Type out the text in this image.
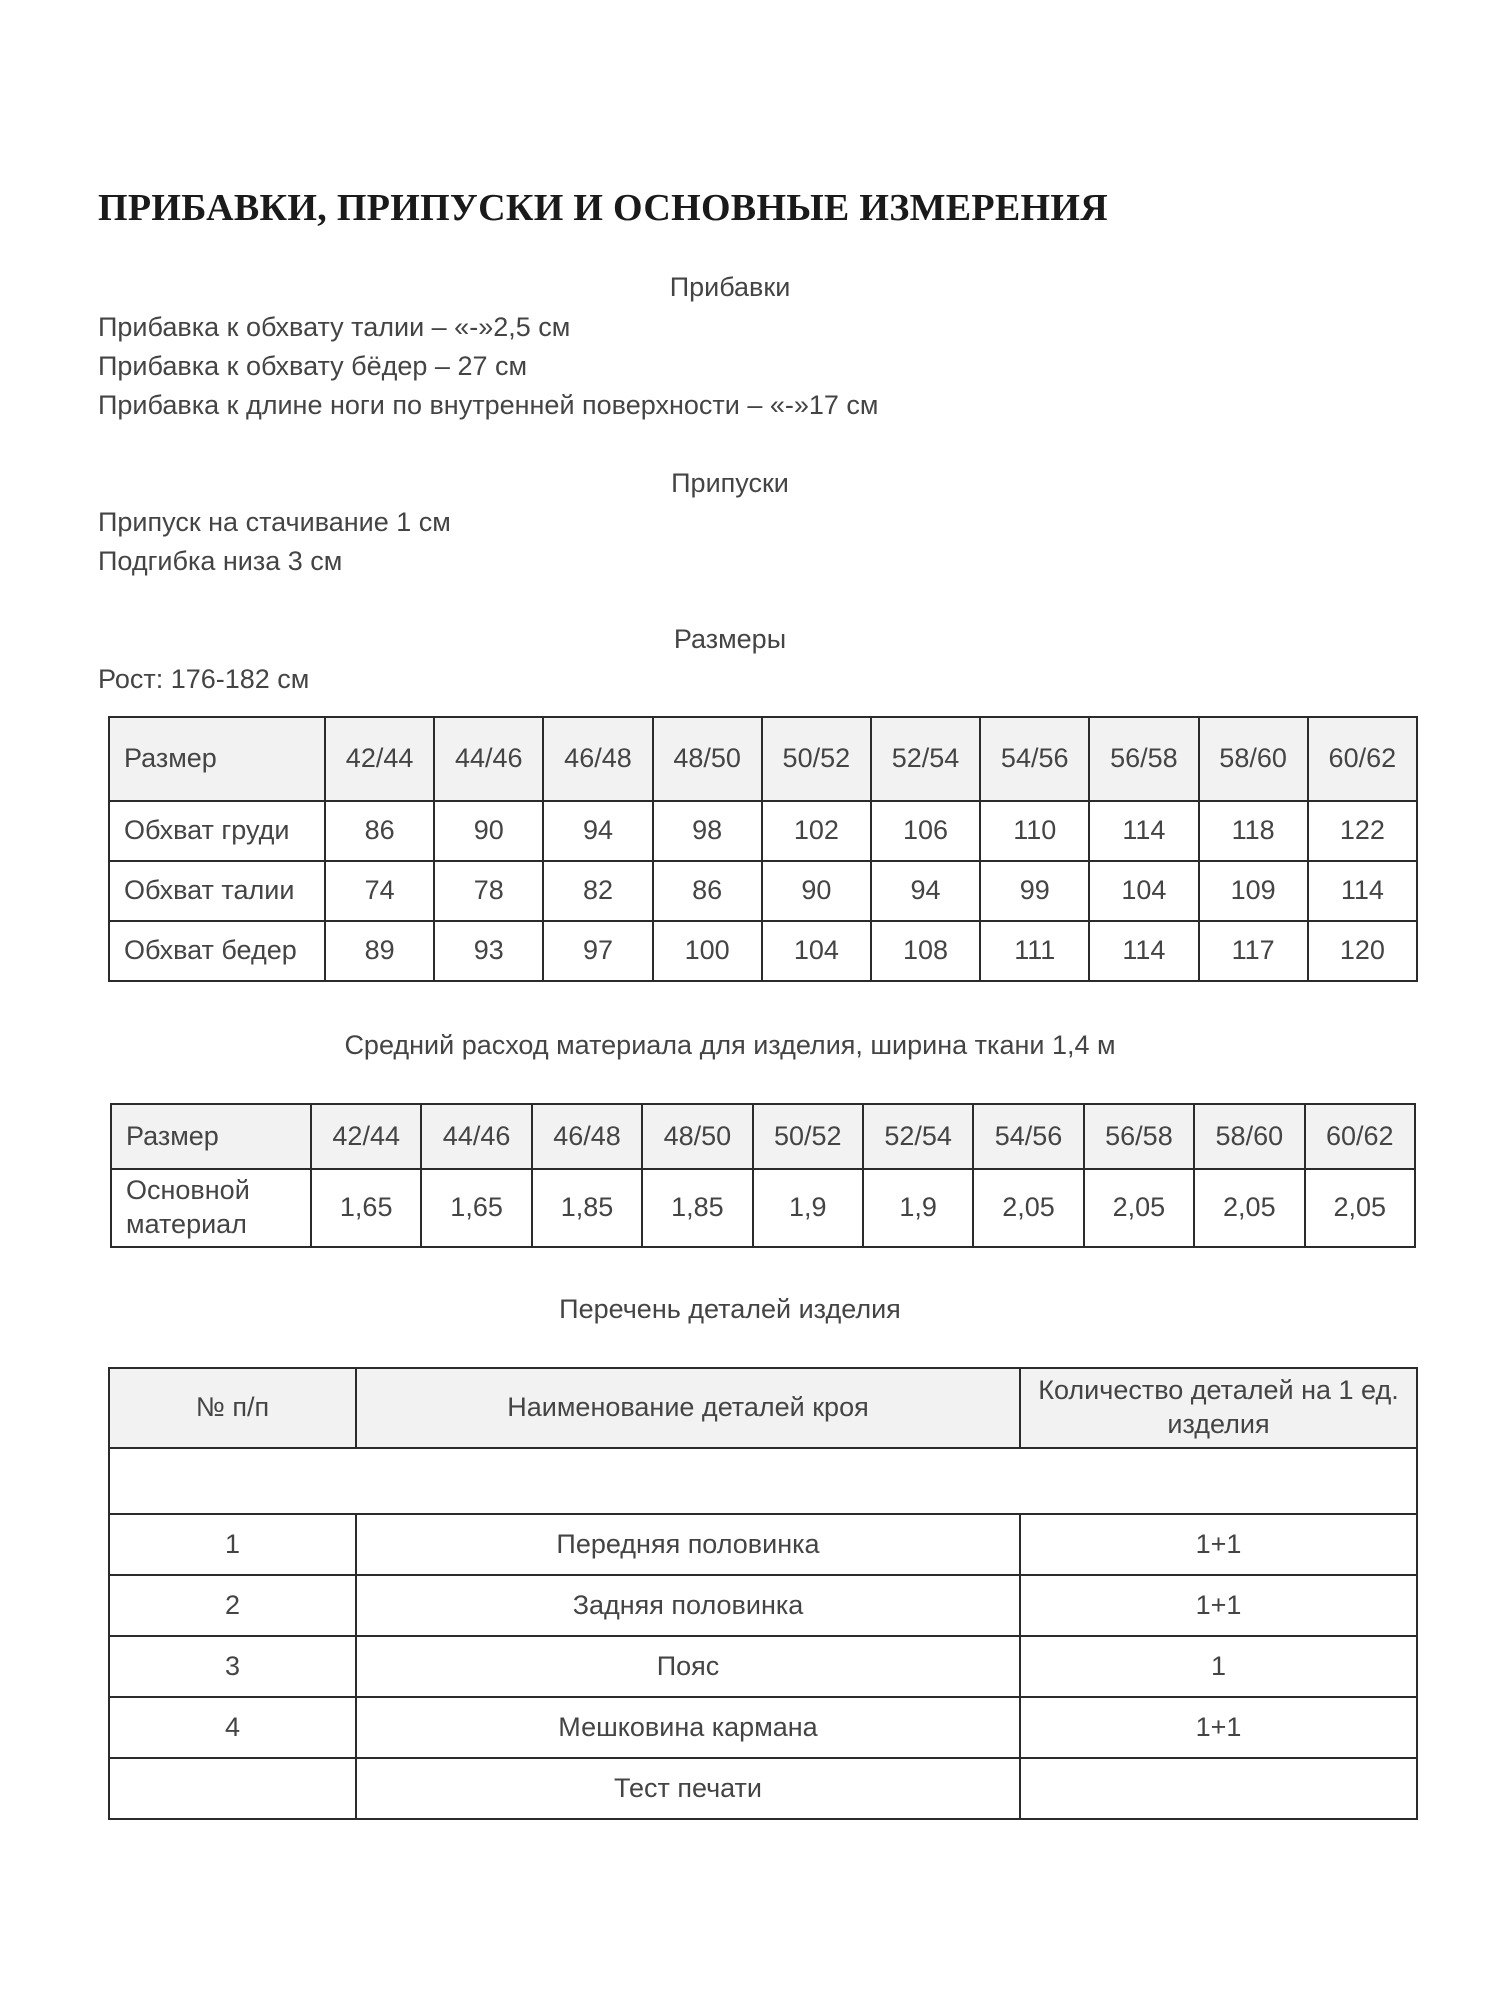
ПРИБАВКИ, ПРИПУСКИ И ОСНОВНЫЕ ИЗМЕРЕНИЯ
Прибавки
Прибавка к обхвату талии – «-»2,5 см
Прибавка к обхвату бёдер – 27 см
Прибавка к длине ноги по внутренней поверхности – «-»17 см
Припуски
Припуск на стачивание 1 см
Подгибка низа 3 см
Размеры
Рост: 176-182 см
Размер	42/44	44/46	46/48	48/50	50/52	52/54	54/56	56/58	58/60	60/62
Обхват груди	86	90	94	98	102	106	110	114	118	122
Обхват талии	74	78	82	86	90	94	99	104	109	114
Обхват бедер	89	93	97	100	104	108	111	114	117	120
Средний расход материала для изделия, ширина ткани 1,4 м
Размер	42/44	44/46	46/48	48/50	50/52	52/54	54/56	56/58	58/60	60/62

Основной
материал	1,65	1,65	1,85	1,85	1,9	1,9	2,05	2,05	2,05	2,05
Перечень деталей изделия
№ п/п	Наименование деталей кроя	Количество деталей на 1 ед. изделия

1	Передняя половинка	1+1
2	Задняя половинка	1+1
3	Пояс	1
4	Мешковина кармана	1+1
	Тест печати	
